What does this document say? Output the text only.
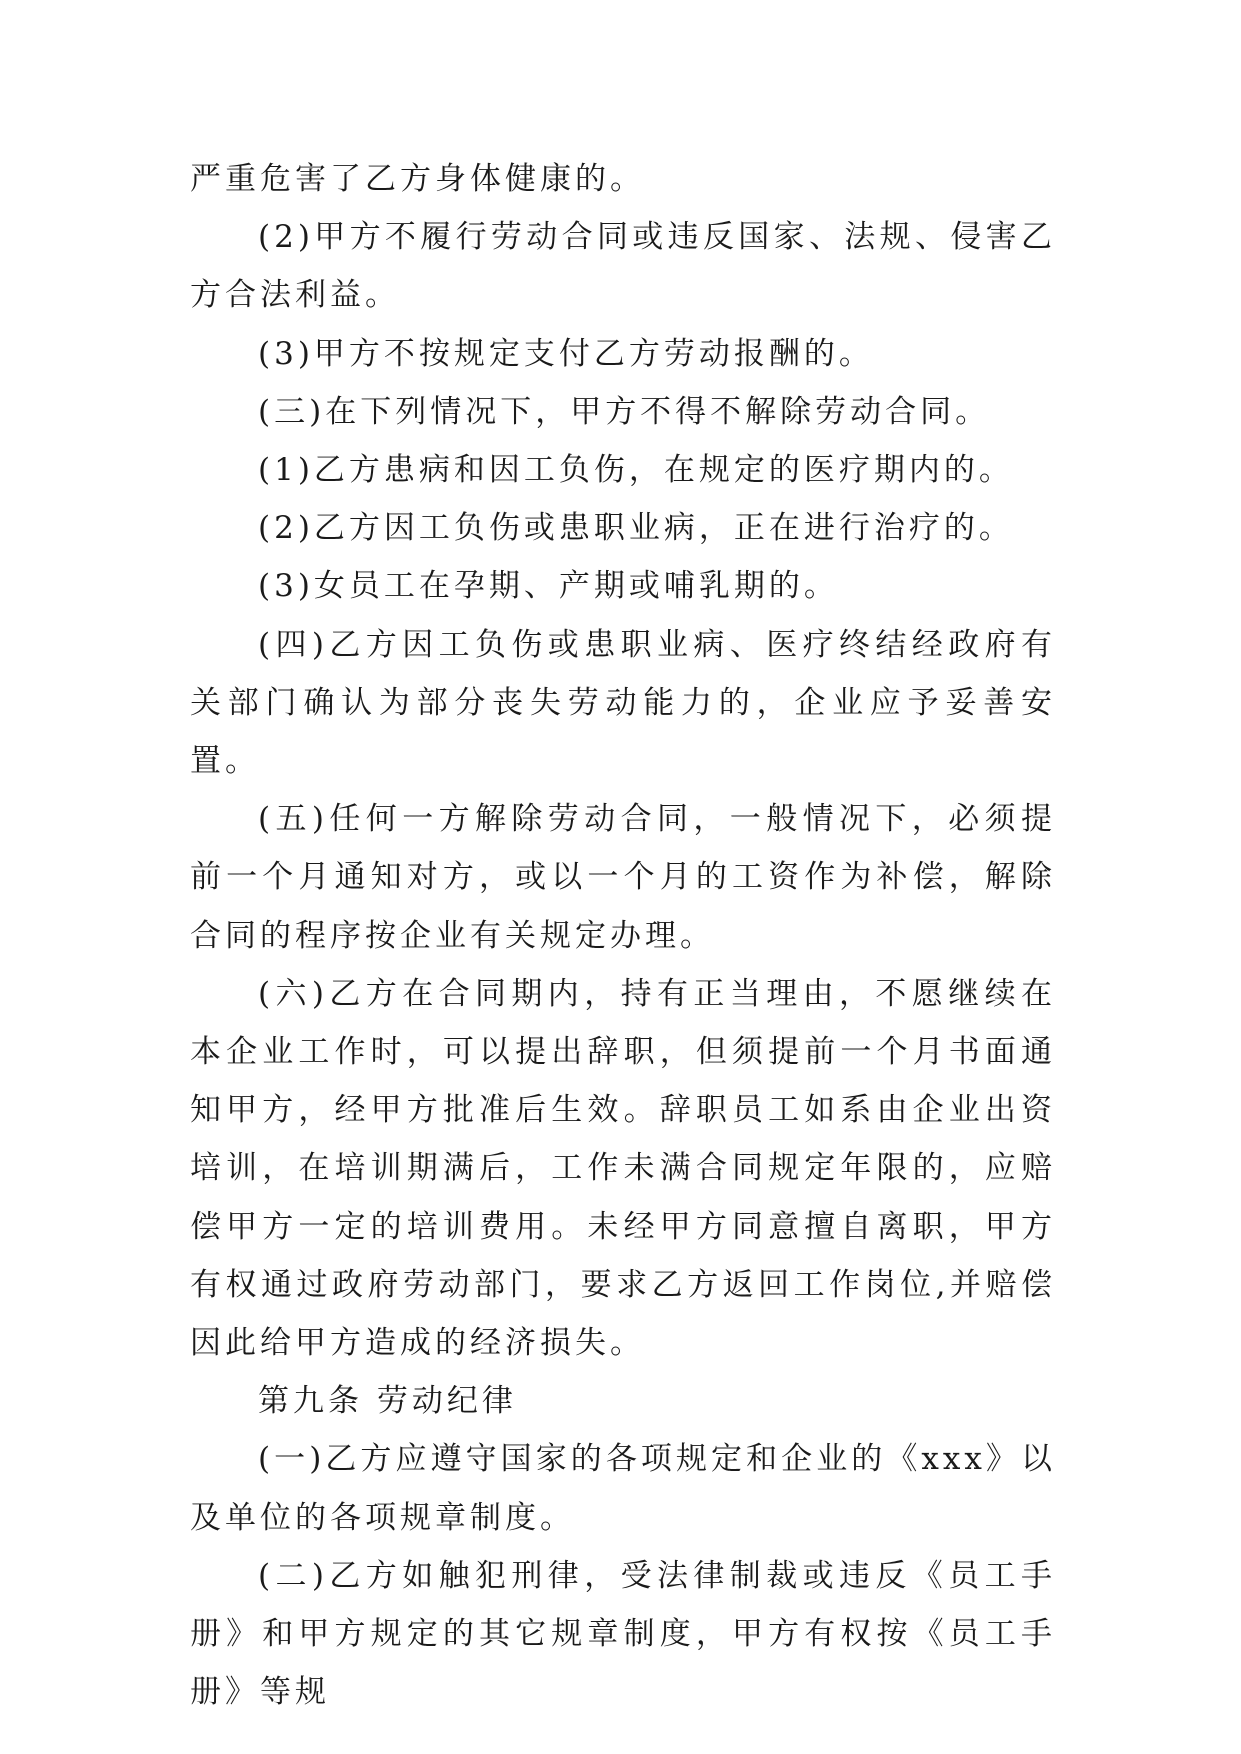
严重危害了乙方身体健康的。

(2)甲方不履行劳动合同或违反国家、法规、侵害乙方合法利益。

(3)甲方不按规定支付乙方劳动报酬的。

(三)在下列情况下，甲方不得不解除劳动合同。

(1)乙方患病和因工负伤，在规定的医疗期内的。

(2)乙方因工负伤或患职业病，正在进行治疗的。

(3)女员工在孕期、产期或哺乳期的。

(四)乙方因工负伤或患职业病、医疗终结经政府有关部门确认为部分丧失劳动能力的，企业应予妥善安置。

(五)任何一方解除劳动合同，一般情况下，必须提前一个月通知对方，或以一个月的工资作为补偿，解除合同的程序按企业有关规定办理。

(六)乙方在合同期内，持有正当理由，不愿继续在本企业工作时，可以提出辞职，但须提前一个月书面通知甲方，经甲方批准后生效。辞职员工如系由企业出资培训，在培训期满后，工作未满合同规定年限的，应赔偿甲方一定的培训费用。未经甲方同意擅自离职，甲方有权通过政府劳动部门，要求乙方返回工作岗位,并赔偿因此给甲方造成的经济损失。

第九条 劳动纪律

(一)乙方应遵守国家的各项规定和企业的《xxx》以及单位的各项规章制度。

(二)乙方如触犯刑律，受法律制裁或违反《员工手册》和甲方规定的其它规章制度，甲方有权按《员工手册》等规
